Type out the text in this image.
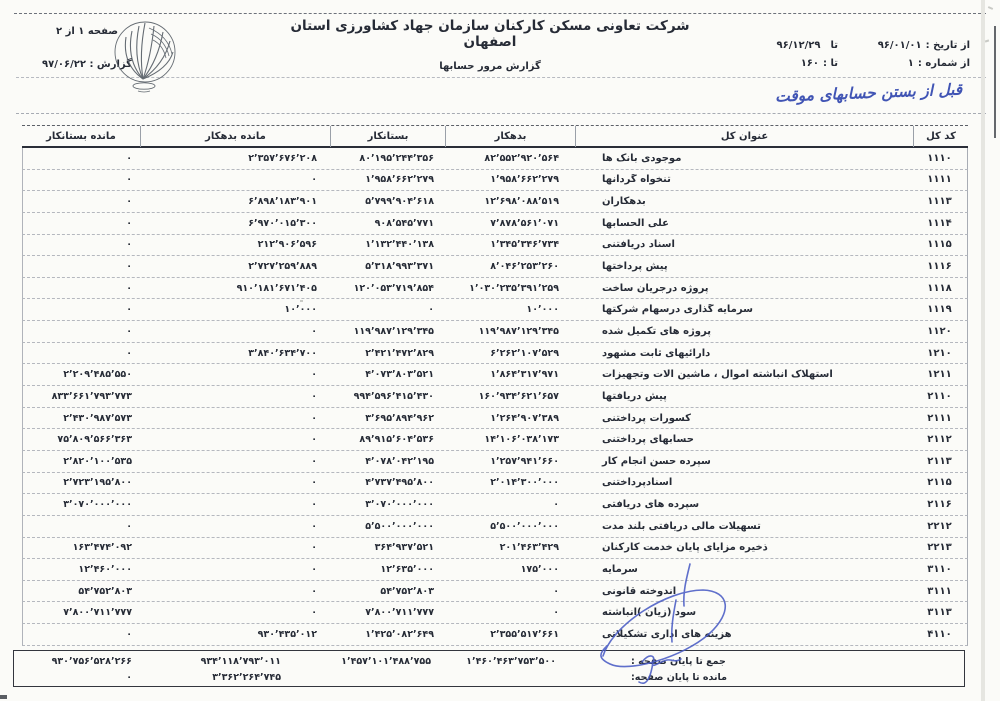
صفحه ۱ از ۲
گزارش : ۹۷/۰۶/۲۲
شرکت تعاونی مسکن کارکنان سازمان جهاد کشاورزی استان اصفهان
گزارش مرور حسابها
از تاریخ :
۹۶/۰۱/۰۱
تا
۹۶/۱۲/۲۹
از شماره :
۱
تا :
۱۶۰
قبل از بستن حسابهای موقت
کد کل
عنوان کل
بدهکار
بستانکار
مانده بدهکار
مانده بستانکار
۱۱۱۰
موجودی بانک ها
۸۲٬۵۵۲٬۹۲۰٬۵۶۴
۸۰٬۱۹۵٬۲۴۴٬۳۵۶
۲٬۳۵۷٬۶۷۶٬۲۰۸
۰
۱۱۱۱
تنخواه گردانها
۱٬۹۵۸٬۶۶۲٬۲۷۹
۱٬۹۵۸٬۶۶۲٬۲۷۹
۰
۰
۱۱۱۳
بدهکاران
۱۲٬۶۹۸٬۰۸۸٬۵۱۹
۵٬۷۹۹٬۹۰۴٬۶۱۸
۶٬۸۹۸٬۱۸۳٬۹۰۱
۰
۱۱۱۴
علی الحسابها
۷٬۸۷۸٬۵۶۱٬۰۷۱
۹۰۸٬۵۴۵٬۷۷۱
۶٬۹۷۰٬۰۱۵٬۳۰۰
۰
۱۱۱۵
اسناد دریافتنی
۱٬۳۴۵٬۳۴۶٬۷۳۴
۱٬۱۳۲٬۴۴۰٬۱۳۸
۲۱۲٬۹۰۶٬۵۹۶
۰
۱۱۱۶
پیش پرداختها
۸٬۰۴۶٬۲۵۳٬۲۶۰
۵٬۳۱۸٬۹۹۳٬۳۷۱
۲٬۷۲۷٬۲۵۹٬۸۸۹
۰
۱۱۱۸
پروژه درجریان ساخت
۱٬۰۳۰٬۲۳۵٬۳۹۱٬۲۵۹
۱۲۰٬۰۵۳٬۷۱۹٬۸۵۴
۹۱۰٬۱۸۱٬۶۷۱٬۴۰۵
۰
۱۱۱۹
سرمایه گذاری درسهام شرکتها
۱۰٬۰۰۰
۰
۱۰٬۰۰۰
۰
۱۱۲۰
پروژه های تکمیل شده
۱۱۹٬۹۸۷٬۱۲۹٬۳۴۵
۱۱۹٬۹۸۷٬۱۲۹٬۳۴۵
۰
۰
۱۲۱۰
دارائیهای ثابت مشهود
۶٬۲۶۲٬۱۰۷٬۵۲۹
۲٬۴۲۱٬۴۷۲٬۸۲۹
۳٬۸۴۰٬۶۳۴٬۷۰۰
۰
۱۲۱۱
استهلاک انباشته اموال ، ماشین آلات وتجهیزات
۱٬۸۶۴٬۳۱۷٬۹۷۱
۴٬۰۷۳٬۸۰۳٬۵۲۱
۰
۲٬۲۰۹٬۴۸۵٬۵۵۰
۲۱۱۰
پیش دریافتها
۱۶۰٬۹۳۴٬۶۲۱٬۶۵۷
۹۹۴٬۵۹۶٬۴۱۵٬۴۳۰
۰
۸۳۳٬۶۶۱٬۷۹۳٬۷۷۳
۲۱۱۱
کسورات پرداختنی
۱٬۲۶۴٬۹۰۷٬۳۸۹
۳٬۶۹۵٬۸۹۴٬۹۶۲
۰
۲٬۴۳۰٬۹۸۷٬۵۷۳
۲۱۱۲
حسابهای پرداختنی
۱۴٬۱۰۶٬۰۳۸٬۱۷۳
۸۹٬۹۱۵٬۶۰۴٬۵۳۶
۰
۷۵٬۸۰۹٬۵۶۶٬۳۶۳
۲۱۱۳
سپرده حسن انجام کار
۱٬۲۵۷٬۹۴۱٬۶۶۰
۴٬۰۷۸٬۰۴۲٬۱۹۵
۰
۲٬۸۲۰٬۱۰۰٬۵۳۵
۲۱۱۵
اسنادپرداختنی
۲٬۰۱۴٬۳۰۰٬۰۰۰
۴٬۷۳۷٬۴۹۵٬۸۰۰
۰
۲٬۷۲۳٬۱۹۵٬۸۰۰
۲۱۱۶
سپرده های دریافتی
۰
۳٬۰۷۰٬۰۰۰٬۰۰۰
۰
۳٬۰۷۰٬۰۰۰٬۰۰۰
۲۲۱۲
تسهیلات مالی دریافتی بلند مدت
۵٬۵۰۰٬۰۰۰٬۰۰۰
۵٬۵۰۰٬۰۰۰٬۰۰۰
۰
۰
۲۲۱۳
ذخیره مزایای پایان خدمت کارکنان
۲۰۱٬۴۶۳٬۴۲۹
۳۶۴٬۹۳۷٬۵۲۱
۰
۱۶۳٬۴۷۴٬۰۹۲
۳۱۱۰
سرمایه
۱۷۵٬۰۰۰
۱۲٬۶۳۵٬۰۰۰
۰
۱۲٬۴۶۰٬۰۰۰
۳۱۱۱
اندوخته قانونی
۰
۵۴٬۷۵۲٬۸۰۳
۰
۵۴٬۷۵۲٬۸۰۳
۳۱۱۳
سود (زیان )انباشته
۰
۷٬۸۰۰٬۷۱۱٬۷۷۷
۰
۷٬۸۰۰٬۷۱۱٬۷۷۷
۴۱۱۰
هزینه های اداری تشکیلاتی
۲٬۳۵۵٬۵۱۷٬۶۶۱
۱٬۴۲۵٬۰۸۲٬۶۴۹
۹۳۰٬۴۳۵٬۰۱۲
۰
جمع تا پایان صفحه :
۱٬۴۶۰٬۴۶۳٬۷۵۳٬۵۰۰
۱٬۴۵۷٬۱۰۱٬۴۸۸٬۷۵۵
۹۳۴٬۱۱۸٬۷۹۳٬۰۱۱
۹۳۰٬۷۵۶٬۵۲۸٬۲۶۶
مانده تا پایان صفحه:
۳٬۳۶۲٬۲۶۴٬۷۴۵
۰
